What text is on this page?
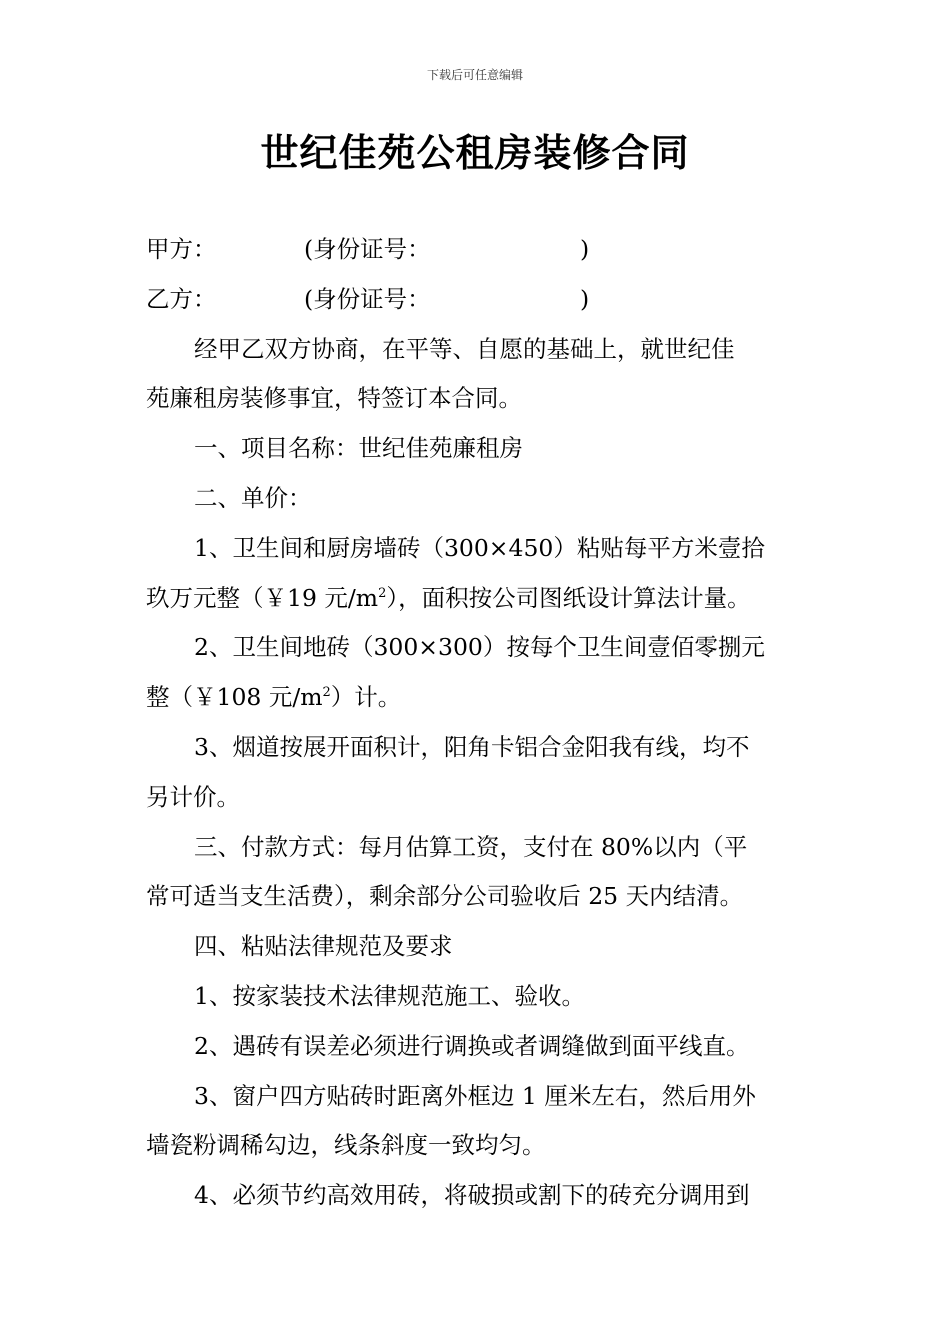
下载后可任意编辑
世纪佳苑公租房装修合同
甲方：	(身份证号：	)
乙方：	(身份证号：	)
经甲乙双方协商，在平等、自愿的基础上，就世纪佳
苑廉租房装修事宜，特签订本合同。
一、项目名称：世纪佳苑廉租房
二、单价：
1、卫生间和厨房墙砖（300×450）粘贴每平方米壹拾
玖万元整（￥19 元$/m^2$），面积按公司图纸设计算法计量。
2、卫生间地砖（300×300）按每个卫生间壹佰零捌元
整（￥108 元$/m^2$）计。
3、烟道按展开面积计，阳角卡铝合金阳我有线，均不
另计价。
三、付款方式：每月估算工资，支付在 80%以内（平
常可适当支生活费），剩余部分公司验收后 25 天内结清。
四、粘贴法律规范及要求
1、按家装技术法律规范施工、验收。
2、遇砖有误差必须进行调换或者调缝做到面平线直。
3、窗户四方贴砖时距离外框边 1 厘米左右，然后用外
墙瓷粉调稀勾边，线条斜度一致均匀。
4、必须节约高效用砖，将破损或割下的砖充分调用到
